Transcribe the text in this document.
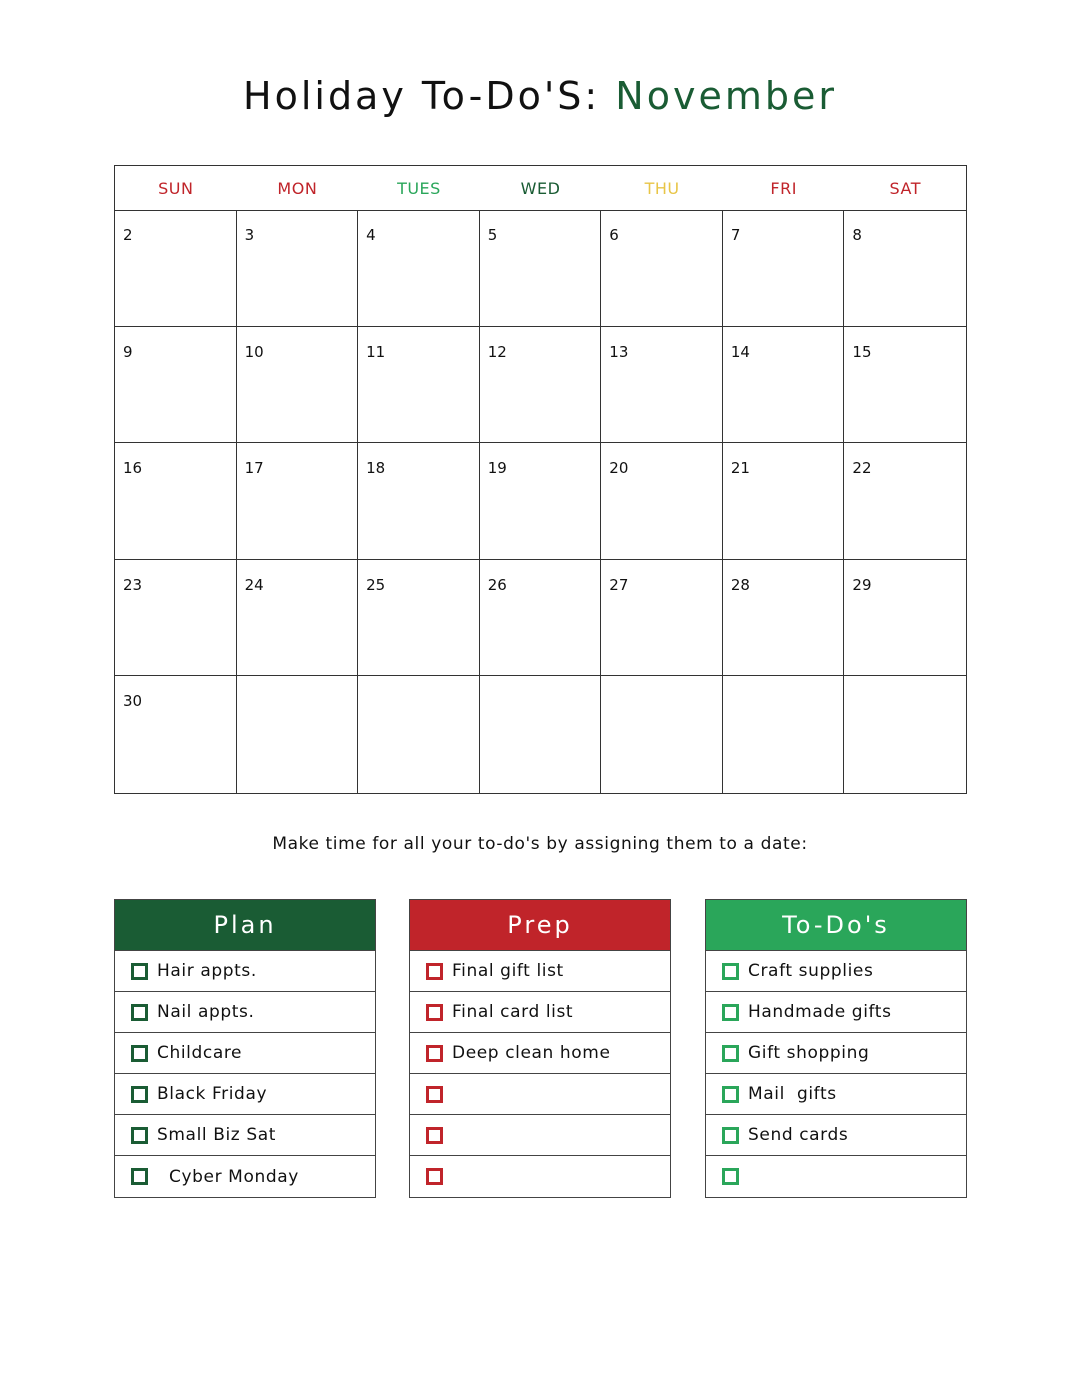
Holiday To-Do'S: November
SUN	MON	TUES	WED	THU	FRI	SAT
2	3	4	5	6	7	8
9	10	11	12	13	14	15
16	17	18	19	20	21	22
23	24	25	26	27	28	29
30

Make time for all your to-do's by assigning them to a date:

Plan
Hair appts.
Nail appts.
Childcare
Black Friday
Small Biz Sat
Cyber Monday
Prep
Final gift list
Final card list
Deep clean home
To-Do's
Craft supplies
Handmade gifts
Gift shopping
Mail  gifts
Send cards
